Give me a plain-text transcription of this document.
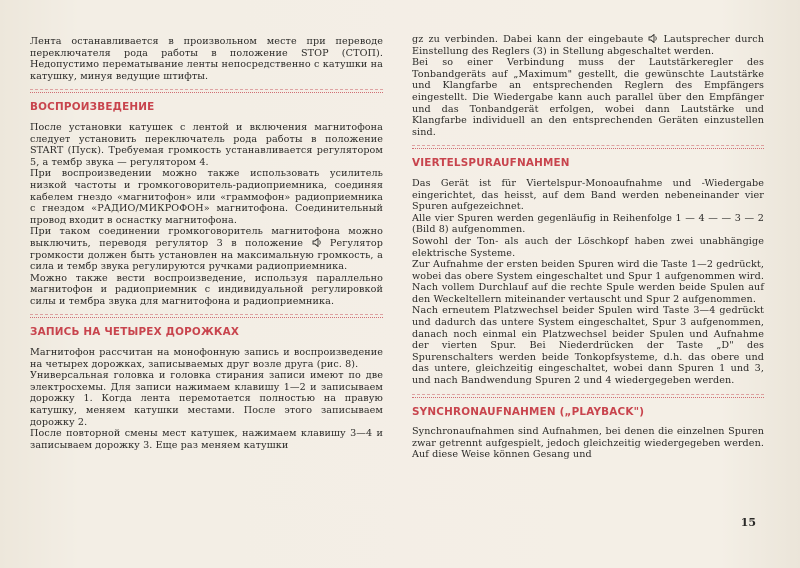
Лента останавливается в произвольном месте при переводе переключателя рода работы в положение STOP (СТОП). Недопустимо перематывание ленты непосредственно с катушки на катушку, минуя ведущие штифты.

ВОСПРОИЗВЕДЕНИЕ

После установки катушек с лентой и включения магнитофона следует установить переключатель рода работы в положение START (Пуск). Требуемая громкость устанавливается регулятором 5, а тембр звука — регулятором 4.

При воспроизведении можно также использовать усилитель низкой частоты и громкоговоритель-радиоприемника, соединяя кабелем гнездо «магнитофон» или «граммофон» радиоприемника с гнездом «РАДИО/МИКРОФОН» магнитофона. Соединительный провод входит в оснастку магнитофона.

При таком соединении громкоговоритель магнитофона можно выключить, переводя регулятор 3 в положение	Регулятор громкости должен быть установлен на максимальную громкость, а сила и тембр звука регулируются ручками радиоприемника.

Можно также вести воспроизведение, используя параллельно магнитофон и радиоприемник с индивидуальной регулировкой силы и тембра звука для магнитофона и радиоприемника.

ЗАПИСЬ НА ЧЕТЫРЕХ ДОРОЖКАХ

Магнитофон рассчитан на монофонную запись и воспроизведение на четырех дорожках, записываемых друг возле друга (рис. 8).

Универсальная головка и головка стирания записи имеют по две электросхемы. Для записи нажимаем клавишу 1—2 и записываем дорожку 1. Когда лента перемотается полностью на правую катушку, меняем катушки местами. После этого записываем дорожку 2.

После повторной смены мест катушек, нажимаем клавишу 3—4 и записываем дорожку 3. Еще раз меняем катушки

gz zu verbinden. Dabei kann der eingebaute Lautsprecher durch Einstellung des Reglers (3) in Stellung abgeschaltet werden.

Bei so einer Verbindung muss der Lautstärkeregler des Tonbandgeräts auf „Maximum" gestellt, die gewünschte Lautstärke und Klangfarbe an entsprechenden Reglern des Empfängers eingestellt. Die Wiedergabe kann auch parallel über den Empfänger und das Tonbandgerät erfolgen, wobei dann Lautstärke und Klangfarbe individuell an den entsprechenden Geräten einzustellen sind.

VIERTELSPURAUFNAHMEN

Das Gerät ist für Viertelspur-Monoaufnahme und -Wiedergabe eingerichtet, das heisst, auf dem Band werden nebeneinander vier Spuren aufgezeichnet.

Alle vier Spuren werden gegenläufig in Reihenfolge 1 — 4 — — 3 — 2 (Bild 8) aufgenommen.

Sowohl der Ton- als auch der Löschkopf haben zwei unabhängige elektrische Systeme.

Zur Aufnahme der ersten beiden Spuren wird die Taste 1—2 gedrückt, wobei das obere System eingeschaltet und Spur 1 aufgenommen wird. Nach vollem Durchlauf auf die rechte Spule werden beide Spulen auf den Weckeltellern miteinander vertauscht und Spur 2 aufgenommen.

Nach erneutem Platzwechsel beider Spulen wird Taste 3—4 gedrückt und dadurch das untere System eingeschaltet, Spur 3 aufgenommen, danach noch einmal ein Platzwechsel beider Spulen und Aufnahme der vierten Spur. Bei Niederdrücken der Taste „D" des Spurenschalters werden beide Tonkopfsysteme, d.h. das obere und das untere, gleichzeitig eingeschaltet, wobei dann Spuren 1 und 3, und nach Bandwendung Spuren 2 und 4 wiedergegeben werden.

SYNCHRONAUFNAHMEN („PLAYBACK")

Synchronaufnahmen sind Aufnahmen, bei denen die einzelnen Spuren zwar getrennt aufgespielt, jedoch gleichzeitig wiedergegeben werden. Auf diese Weise können Gesang und

15
